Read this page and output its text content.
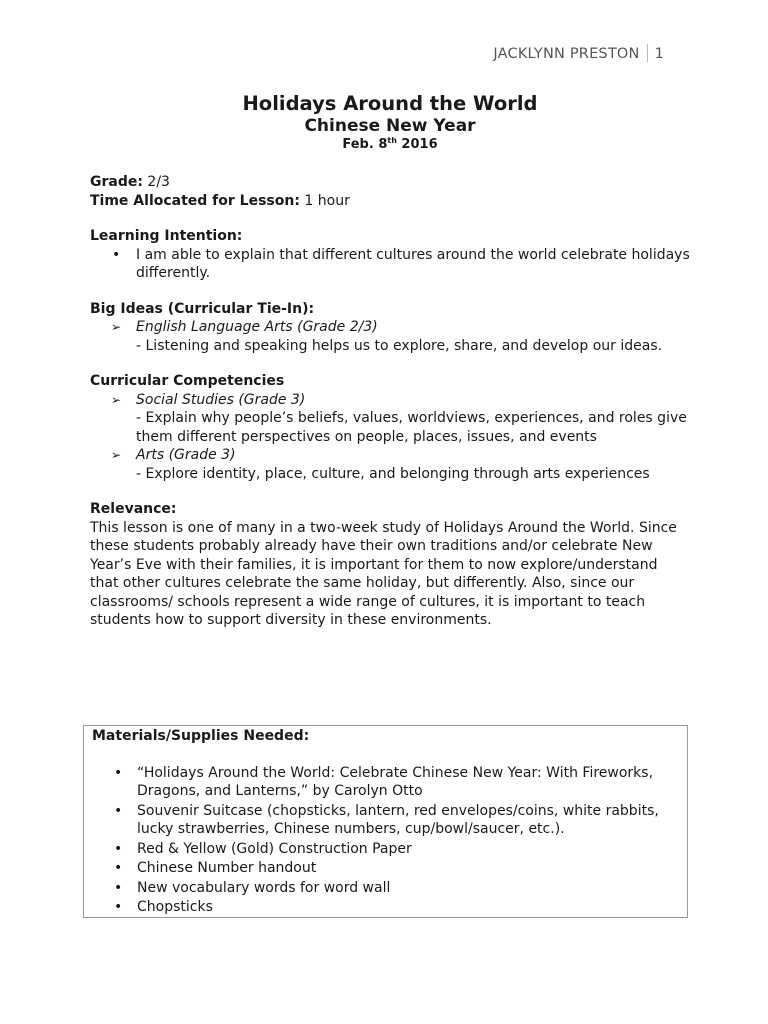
JACKLYNN PRESTON 1

Holidays Around the World

Chinese New Year

Feb. 8th 2016

Grade: 2/3

Time Allocated for Lesson: 1 hour

Learning Intention:

• I am able to explain that different cultures around the world celebrate holidays differently.

Big Ideas (Curricular Tie-In):

➢ English Language Arts (Grade 2/3)
- Listening and speaking helps us to explore, share, and develop our ideas.

Curricular Competencies

➢ Social Studies (Grade 3)
- Explain why people’s beliefs, values, worldviews, experiences, and roles give them different perspectives on people, places, issues, and events
➢ Arts (Grade 3)
- Explore identity, place, culture, and belonging through arts experiences

Relevance:

This lesson is one of many in a two-week study of Holidays Around the World. Since these students probably already have their own traditions and/or celebrate New Year’s Eve with their families, it is important for them to now explore/understand that other cultures celebrate the same holiday, but differently. Also, since our classrooms/ schools represent a wide range of cultures, it is important to teach students how to support diversity in these environments.

Materials/Supplies Needed:

• “Holidays Around the World: Celebrate Chinese New Year: With Fireworks, Dragons, and Lanterns,” by Carolyn Otto
• Souvenir Suitcase (chopsticks, lantern, red envelopes/coins, white rabbits, lucky strawberries, Chinese numbers, cup/bowl/saucer, etc.).
• Red & Yellow (Gold) Construction Paper
• Chinese Number handout
• New vocabulary words for word wall
• Chopsticks
